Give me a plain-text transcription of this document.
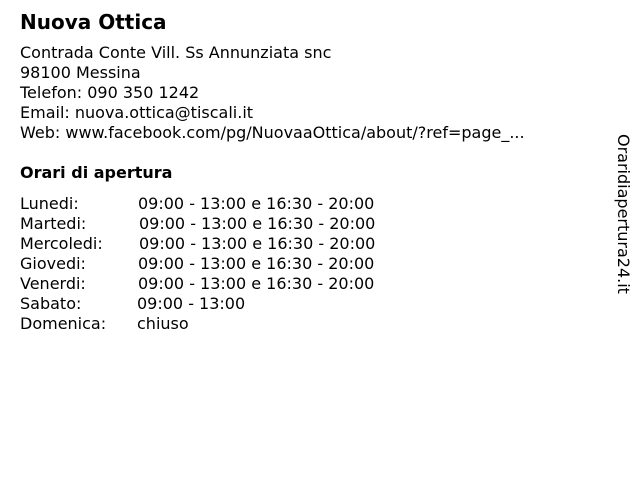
Nuova Ottica
Contrada Conte Vill. Ss Annunziata snc
98100 Messina
Telefon: 090 350 1242
Email: nuova.ottica@tiscali.it
Web: www.facebook.com/pg/NuovaaOttica/about/?ref=page_...
Orari di apertura
Lunedi:	09:00 - 13:00 e 16:30 - 20:00
Martedi:	09:00 - 13:00 e 16:30 - 20:00
Mercoledi: 09:00 - 13:00 e 16:30 - 20:00
Giovedi:	09:00 - 13:00 e 16:30 - 20:00
Venerdi:	09:00 - 13:00 e 16:30 - 20:00
Sabato:	09:00 - 13:00
Domenica: chiuso
Oraridiapertura24.it
